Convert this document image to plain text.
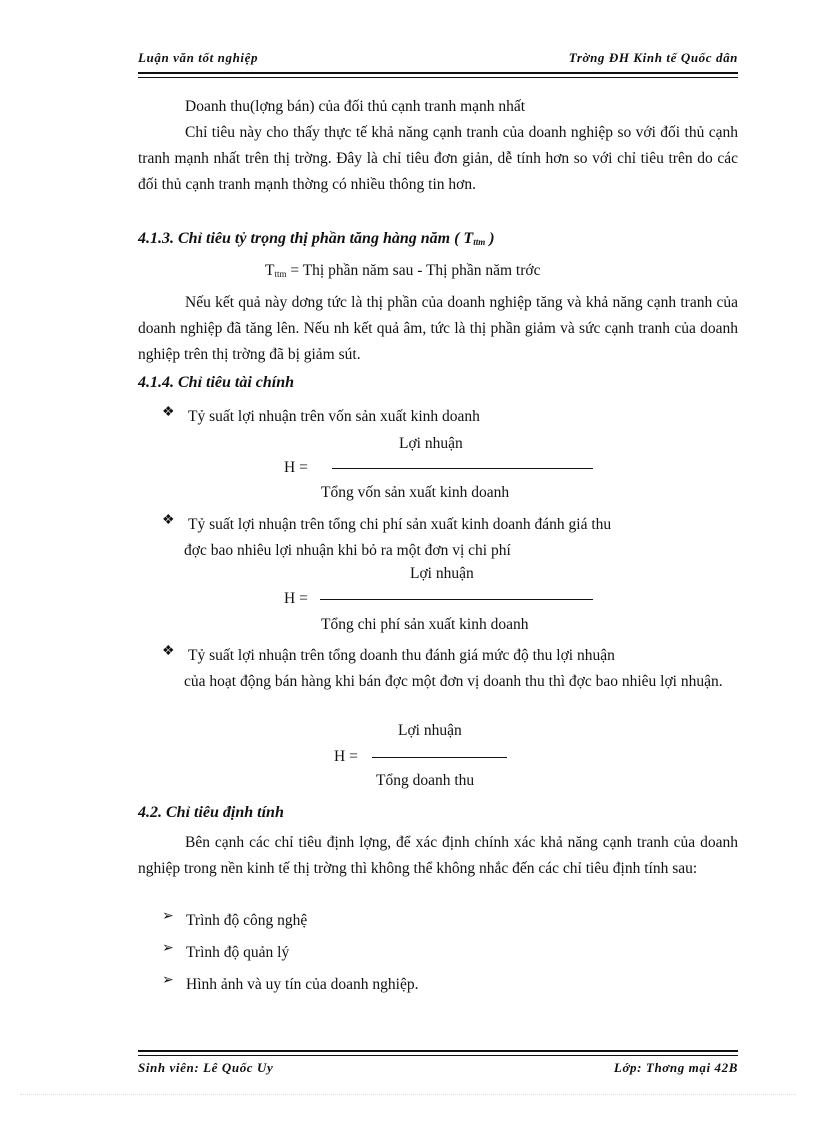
Luận văn tốt nghiệp	Trờng ĐH Kinh tế Quốc dân
Doanh thu(lợng bán) của đối thủ cạnh tranh mạnh nhất
Chỉ tiêu này cho thấy thực tế khả năng cạnh tranh của doanh nghiệp so với đối thủ cạnh tranh mạnh nhất trên thị trờng. Đây là chỉ tiêu đơn giản, dễ tính hơn so với chỉ tiêu trên do các đối thủ cạnh tranh mạnh thờng có nhiều thông tin hơn.
4.1.3. Chỉ tiêu tỷ trọng thị phần tăng hàng năm ( $T_{ttm}$ )
$T_{ttm}$ = Thị phần năm sau - Thị phần năm trớc
Nếu kết quả này dơng tức là thị phần của doanh nghiệp tăng và khả năng cạnh tranh của doanh nghiệp đã tăng lên. Nếu nh kết quả âm, tức là thị phần giảm và sức cạnh tranh của doanh nghiệp trên thị trờng đã bị giảm sút.
4.1.4. Chỉ tiêu tài chính
❖ Tỷ suất lợi nhuận trên vốn sản xuất kinh doanh
Lợi nhuận
H =
Tổng vốn sản xuất kinh doanh
❖ Tỷ suất lợi nhuận trên tổng chi phí sản xuất kinh doanh đánh giá thu
đợc bao nhiêu lợi nhuận khi bỏ ra một đơn vị chi phí
Lợi nhuận
H =
Tổng chi phí sản xuất kinh doanh
❖ Tỷ suất lợi nhuận trên tổng doanh thu đánh giá mức độ thu lợi nhuận
của hoạt động bán hàng khi bán đợc một đơn vị doanh thu thì đợc bao nhiêu lợi nhuận.
Lợi nhuận
H =
Tổng doanh thu
4.2. Chỉ tiêu định tính
Bên cạnh các chỉ tiêu định lợng, để xác định chính xác khả năng cạnh tranh của doanh nghiệp trong nền kinh tế thị trờng thì không thể không nhắc đến các chỉ tiêu định tính sau:
➢ Trình độ công nghệ
➢ Trình độ quản lý
➢ Hình ảnh và uy tín của doanh nghiệp.
Sinh viên: Lê Quốc Uy	Lớp: Thơng mại 42B
